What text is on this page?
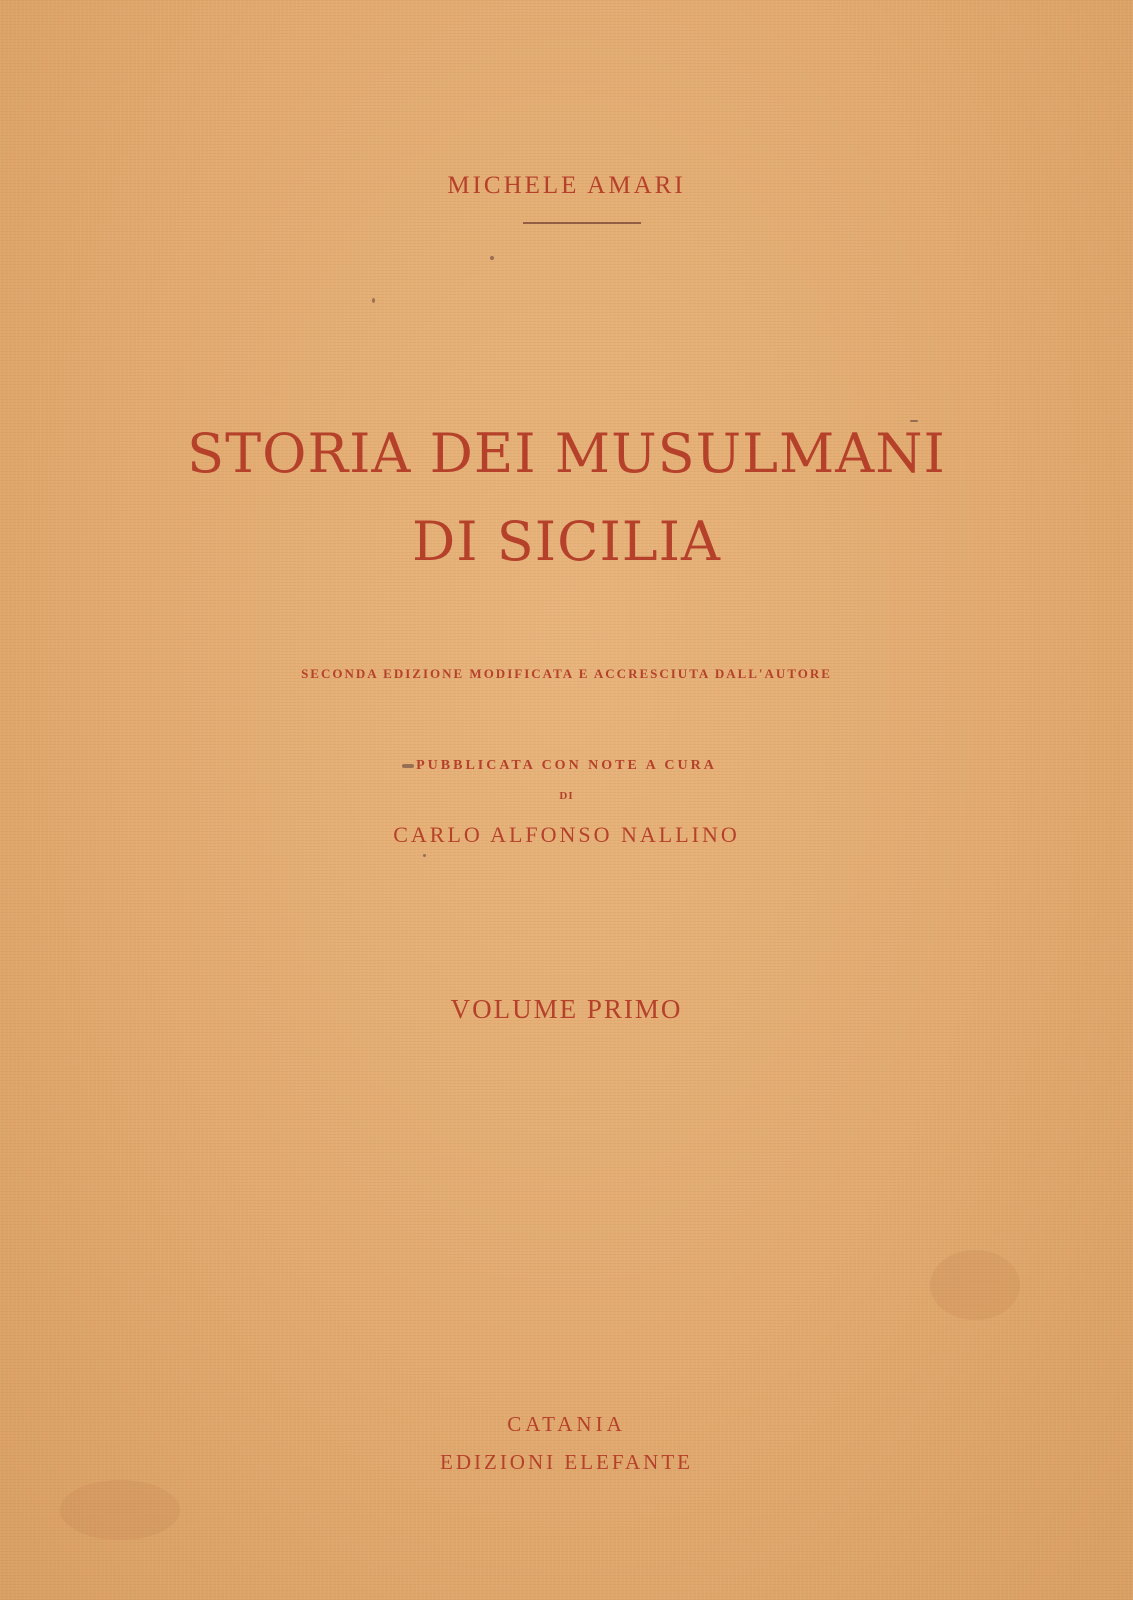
MICHELE AMARI
STORIA DEI MUSULMANI
DI SICILIA
SECONDA EDIZIONE MODIFICATA E ACCRESCIUTA DALL'AUTORE
PUBBLICATA CON NOTE A CURA
DI
CARLO ALFONSO NALLINO
VOLUME PRIMO
CATANIA
EDIZIONI ELEFANTE
